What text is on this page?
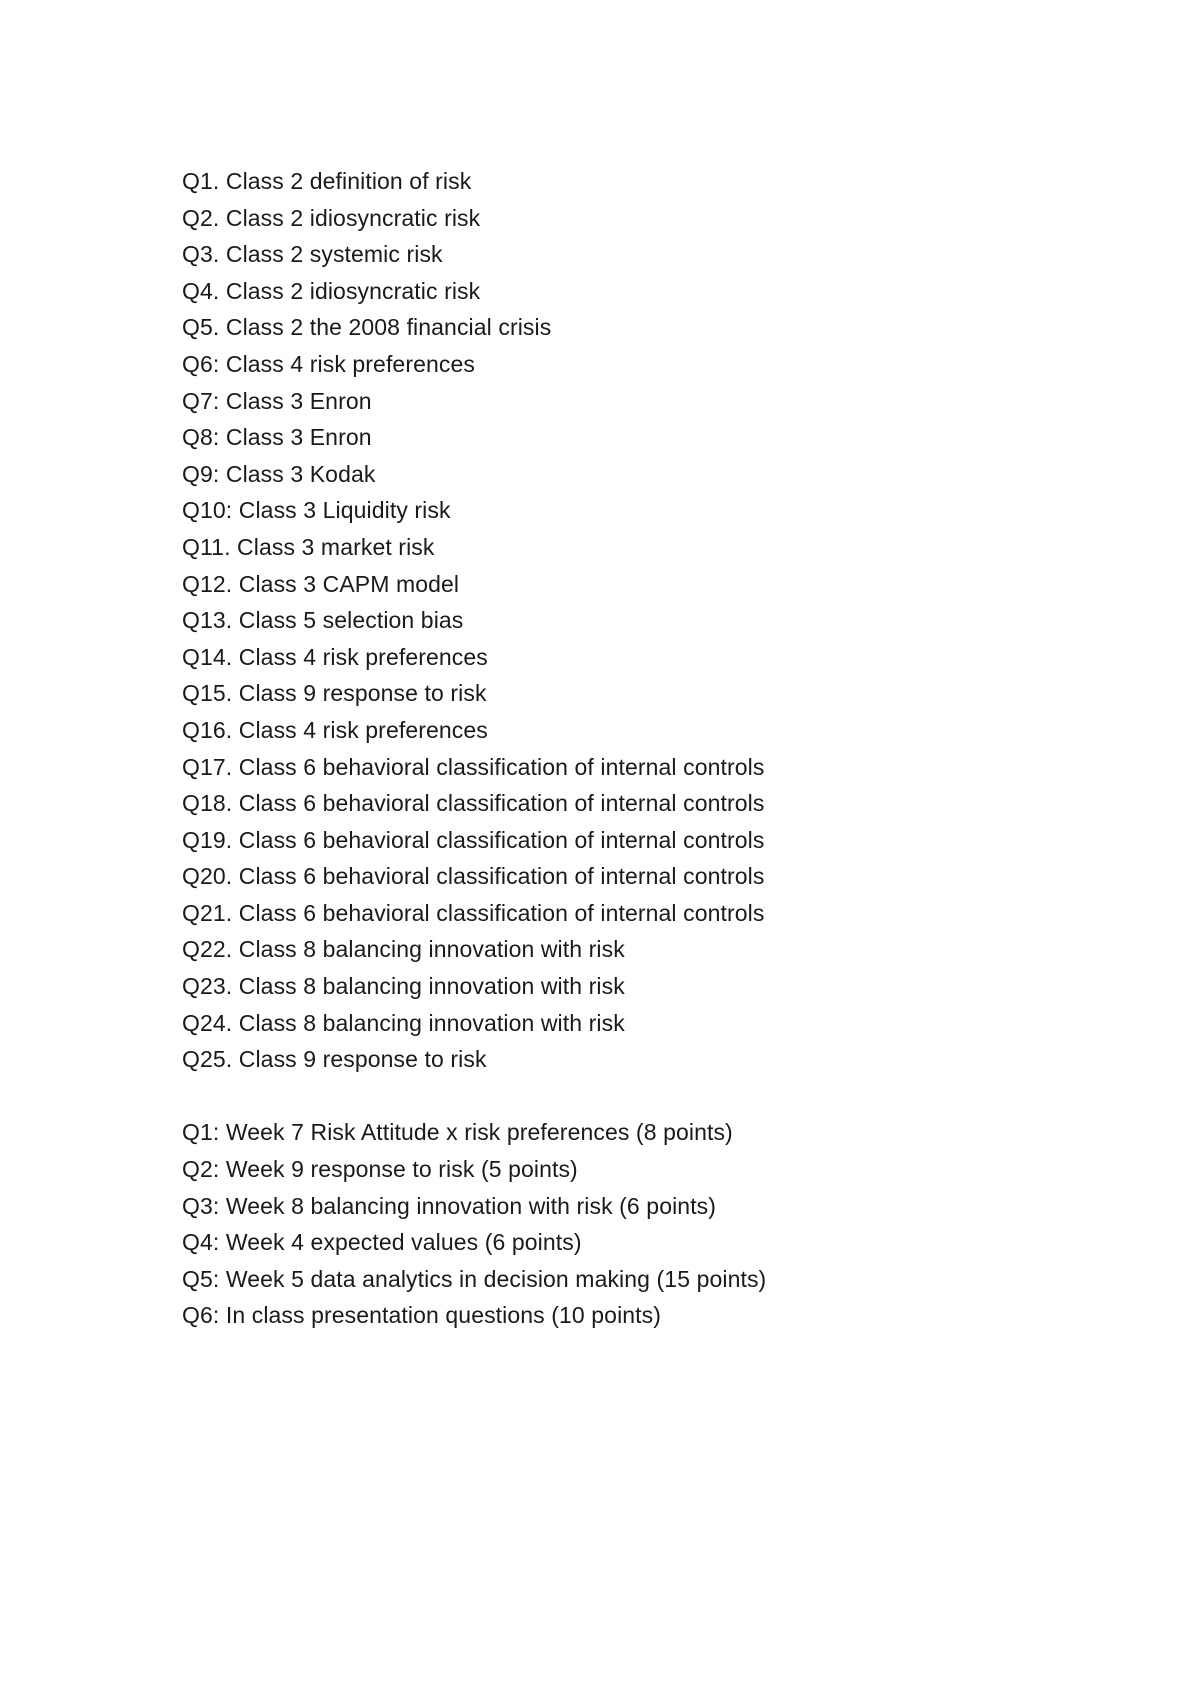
Q1. Class 2 definition of risk
Q2. Class 2 idiosyncratic risk
Q3. Class 2 systemic risk
Q4. Class 2 idiosyncratic risk
Q5. Class 2 the 2008 financial crisis
Q6: Class 4 risk preferences
Q7: Class 3 Enron
Q8: Class 3 Enron
Q9: Class 3 Kodak
Q10: Class 3 Liquidity risk
Q11. Class 3 market risk
Q12. Class 3 CAPM model
Q13. Class 5 selection bias
Q14. Class 4 risk preferences
Q15. Class 9 response to risk
Q16. Class 4 risk preferences
Q17. Class 6 behavioral classification of internal controls
Q18. Class 6 behavioral classification of internal controls
Q19. Class 6 behavioral classification of internal controls
Q20. Class 6 behavioral classification of internal controls
Q21. Class 6 behavioral classification of internal controls
Q22. Class 8 balancing innovation with risk
Q23. Class 8 balancing innovation with risk
Q24. Class 8 balancing innovation with risk
Q25. Class 9 response to risk
Q1: Week 7 Risk Attitude x risk preferences (8 points)
Q2: Week 9 response to risk (5 points)
Q3: Week 8 balancing innovation with risk (6 points)
Q4: Week 4 expected values (6 points)
Q5: Week 5 data analytics in decision making (15 points)
Q6: In class presentation questions (10 points)
